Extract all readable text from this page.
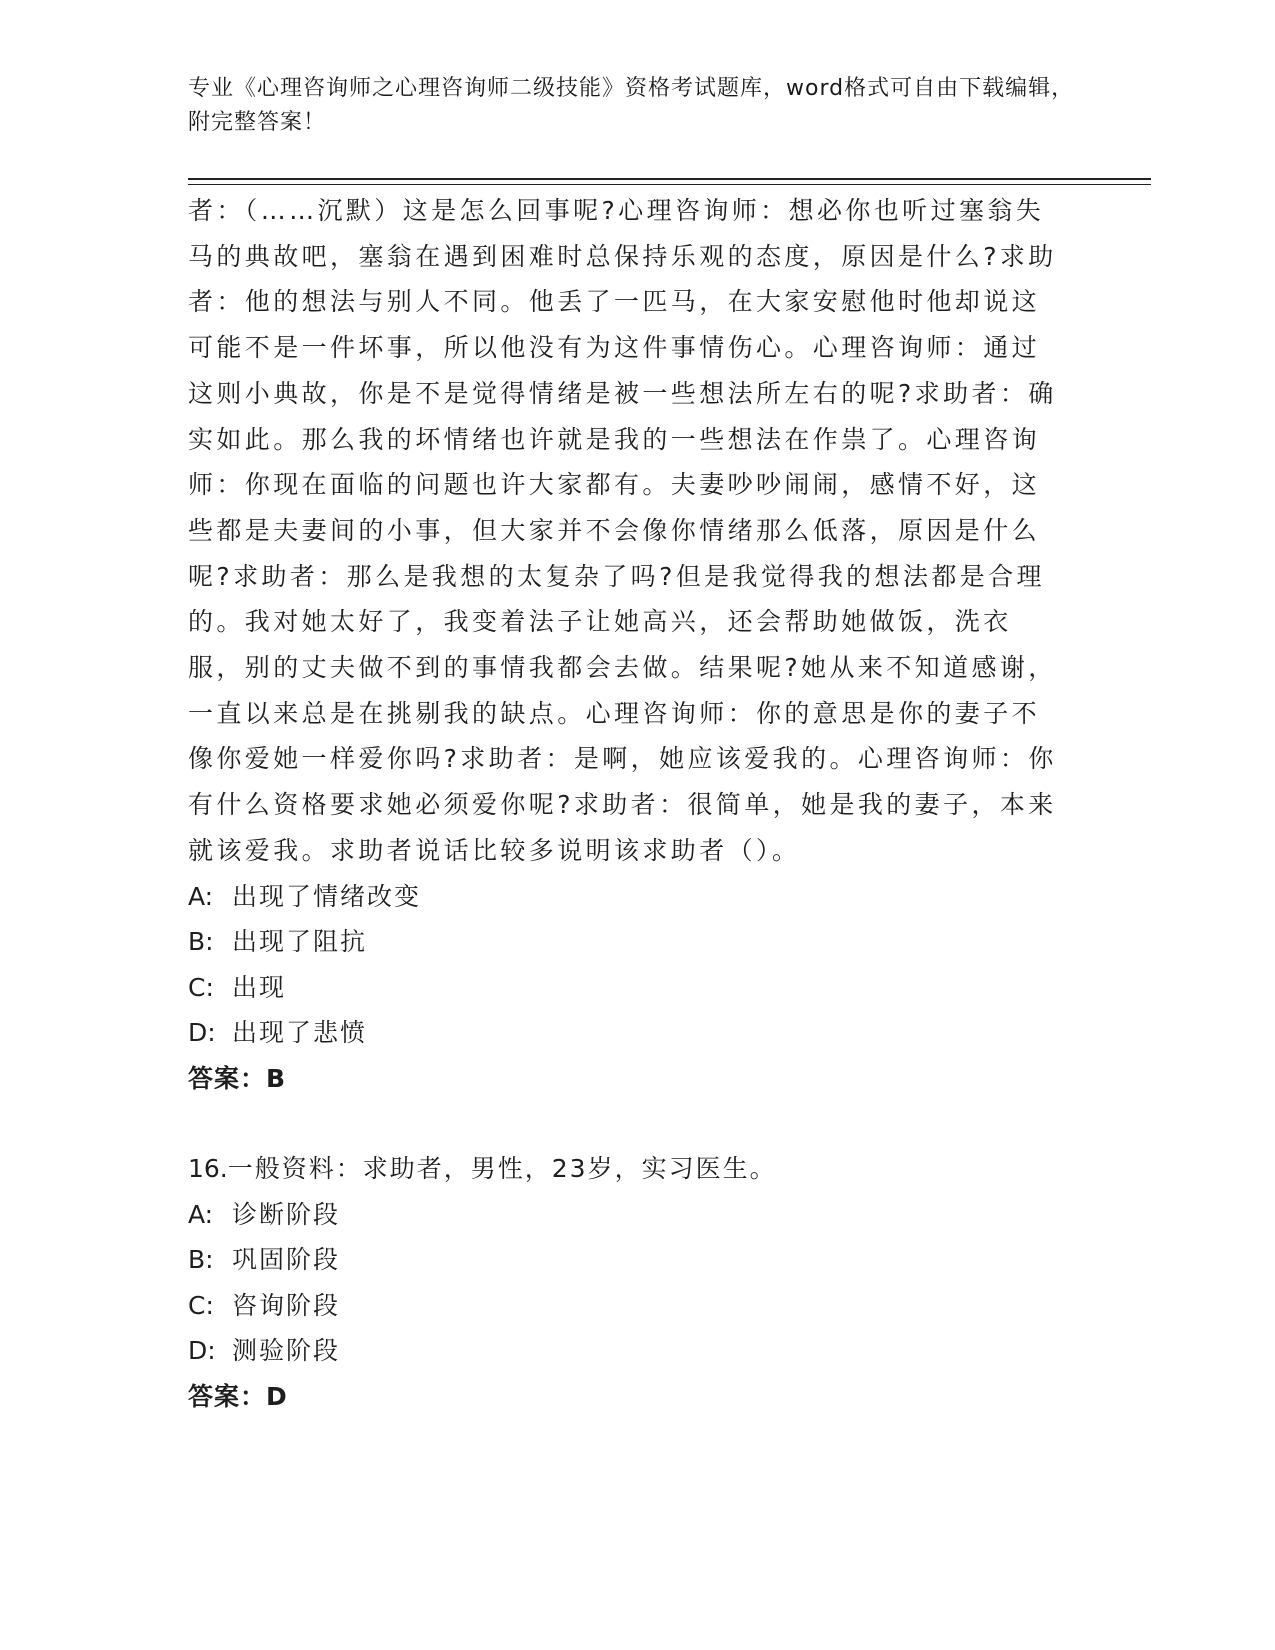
专业《心理咨询师之心理咨询师二级技能》资格考试题库，word格式可自由下载编辑，附完整答案！

者：（……沉默）这是怎么回事呢?心理咨询师：想必你也听过塞翁失马的典故吧，塞翁在遇到困难时总保持乐观的态度，原因是什么?求助者：他的想法与别人不同。他丢了一匹马，在大家安慰他时他却说这可能不是一件坏事，所以他没有为这件事情伤心。心理咨询师：通过这则小典故，你是不是觉得情绪是被一些想法所左右的呢?求助者：确实如此。那么我的坏情绪也许就是我的一些想法在作祟了。心理咨询师：你现在面临的问题也许大家都有。夫妻吵吵闹闹，感情不好，这些都是夫妻间的小事，但大家并不会像你情绪那么低落，原因是什么呢?求助者：那么是我想的太复杂了吗?但是我觉得我的想法都是合理的。我对她太好了，我变着法子让她高兴，还会帮助她做饭，洗衣服，别的丈夫做不到的事情我都会去做。结果呢?她从来不知道感谢，一直以来总是在挑剔我的缺点。心理咨询师：你的意思是你的妻子不像你爱她一样爱你吗?求助者：是啊，她应该爱我的。心理咨询师：你有什么资格要求她必须爱你呢?求助者：很简单，她是我的妻子，本来就该爱我。求助者说话比较多说明该求助者（）。

A: 出现了情绪改变

B: 出现了阻抗

C: 出现

D: 出现了悲愤

答案：B

16.一般资料：求助者，男性，23岁，实习医生。

A: 诊断阶段

B: 巩固阶段

C: 咨询阶段

D: 测验阶段

答案：D
